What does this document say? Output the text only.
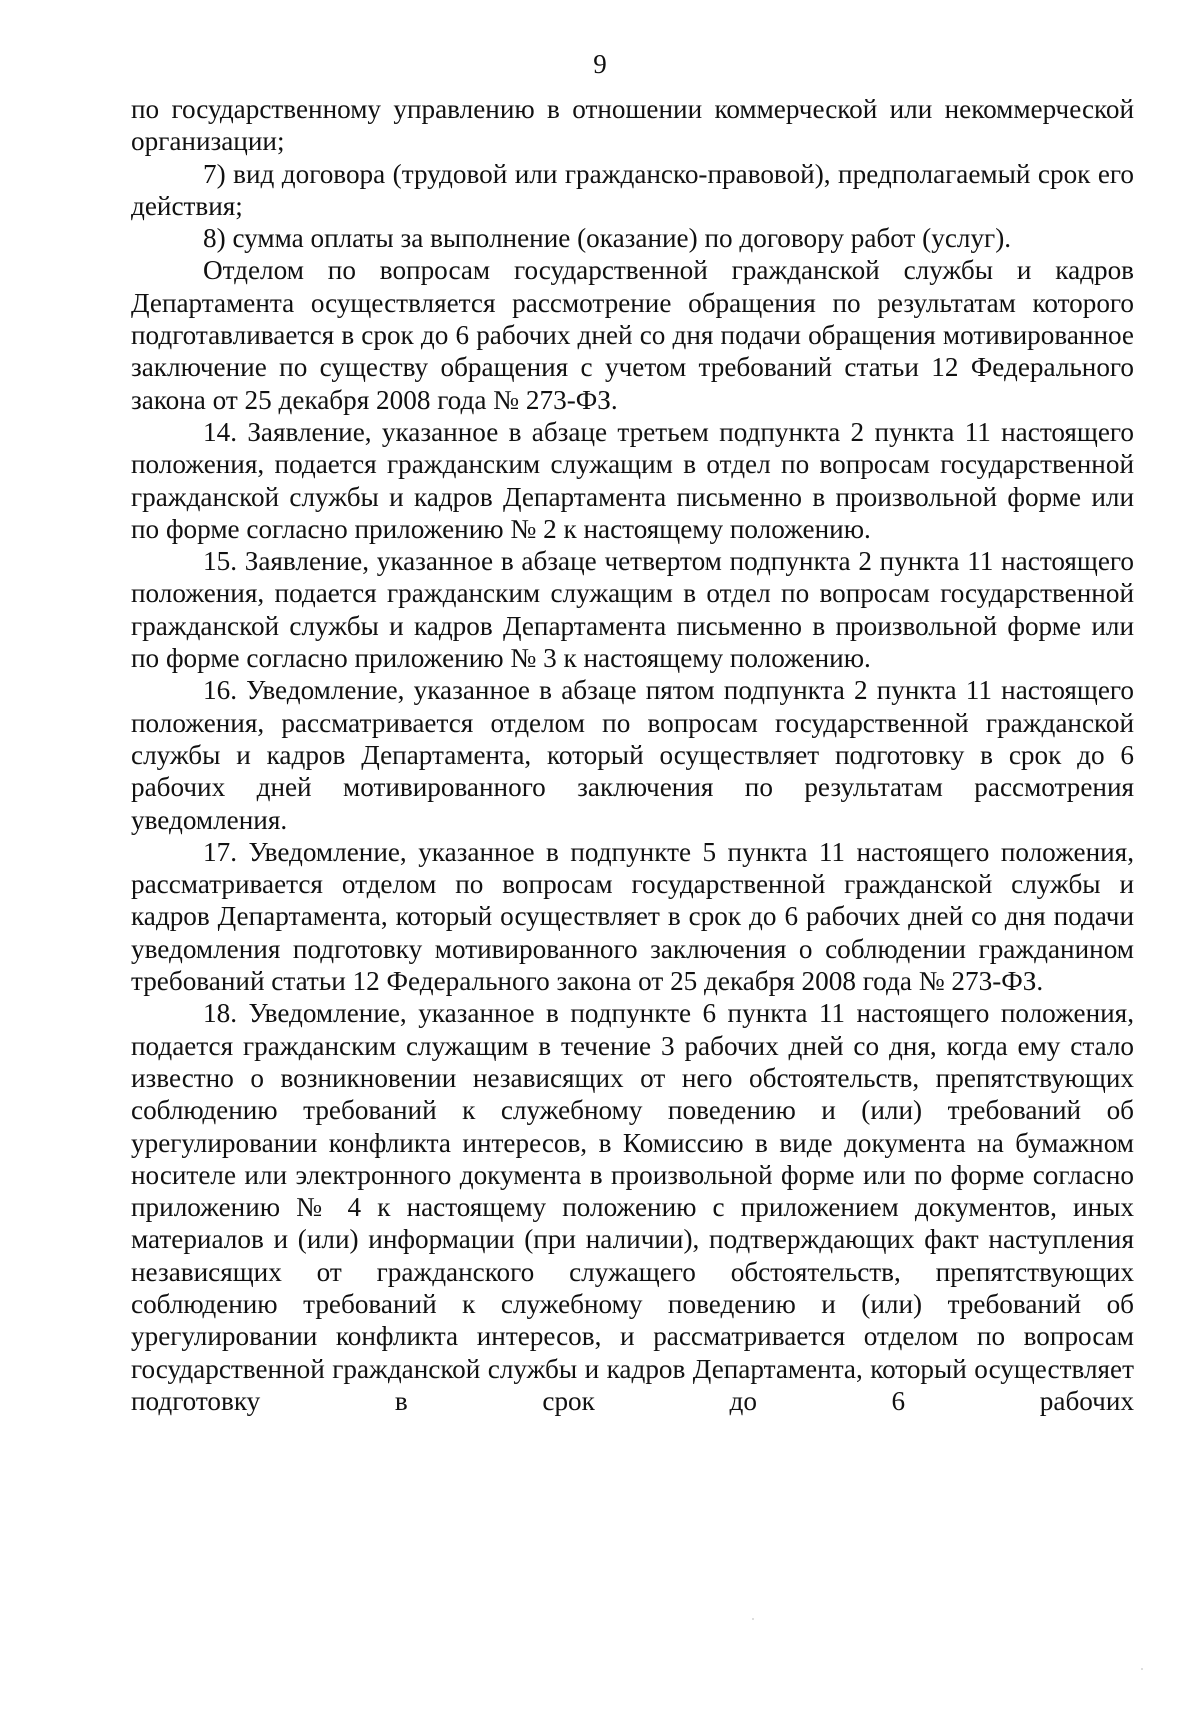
9

по государственному управлению в отношении коммерческой или некоммерческой организации;

7) вид договора (трудовой или гражданско-правовой), предполагаемый срок его действия;

8) сумма оплаты за выполнение (оказание) по договору работ (услуг).

Отделом по вопросам государственной гражданской службы и кадров Департамента осуществляется рассмотрение обращения по результатам которого подготавливается в срок до 6 рабочих дней со дня подачи обращения мотивированное заключение по существу обращения с учетом требований статьи 12 Федерального закона от 25 декабря 2008 года № 273-ФЗ.

14. Заявление, указанное в абзаце третьем подпункта 2 пункта 11 настоящего положения, подается гражданским служащим в отдел по вопросам государственной гражданской службы и кадров Департамента письменно в произвольной форме или по форме согласно приложению № 2 к настоящему положению.

15. Заявление, указанное в абзаце четвертом подпункта 2 пункта 11 настоящего положения, подается гражданским служащим в отдел по вопросам государственной гражданской службы и кадров Департамента письменно в произвольной форме или по форме согласно приложению № 3 к настоящему положению.

16. Уведомление, указанное в абзаце пятом подпункта 2 пункта 11 настоящего положения, рассматривается отделом по вопросам государственной гражданской службы и кадров Департамента, который осуществляет подготовку в срок до 6 рабочих дней мотивированного заключения по результатам рассмотрения уведомления.

17. Уведомление, указанное в подпункте 5 пункта 11 настоящего положения, рассматривается отделом по вопросам государственной гражданской службы и кадров Департамента, который осуществляет в срок до 6 рабочих дней со дня подачи уведомления подготовку мотивированного заключения о соблюдении гражданином требований статьи 12 Федерального закона от 25 декабря 2008 года № 273-ФЗ.

18. Уведомление, указанное в подпункте 6 пункта 11 настоящего положения, подается гражданским служащим в течение 3 рабочих дней со дня, когда ему стало известно о возникновении независящих от него обстоятельств, препятствующих соблюдению требований к служебному поведению и (или) требований об урегулировании конфликта интересов, в Комиссию в виде документа на бумажном носителе или электронного документа в произвольной форме или по форме согласно приложению № 4 к настоящему положению с приложением документов, иных материалов и (или) информации (при наличии), подтверждающих факт наступления независящих от гражданского служащего обстоятельств, препятствующих соблюдению требований к служебному поведению и (или) требований об урегулировании конфликта интересов, и рассматривается отделом по вопросам государственной гражданской службы и кадров Департамента, который осуществляет подготовку в срок до 6 рабочих
